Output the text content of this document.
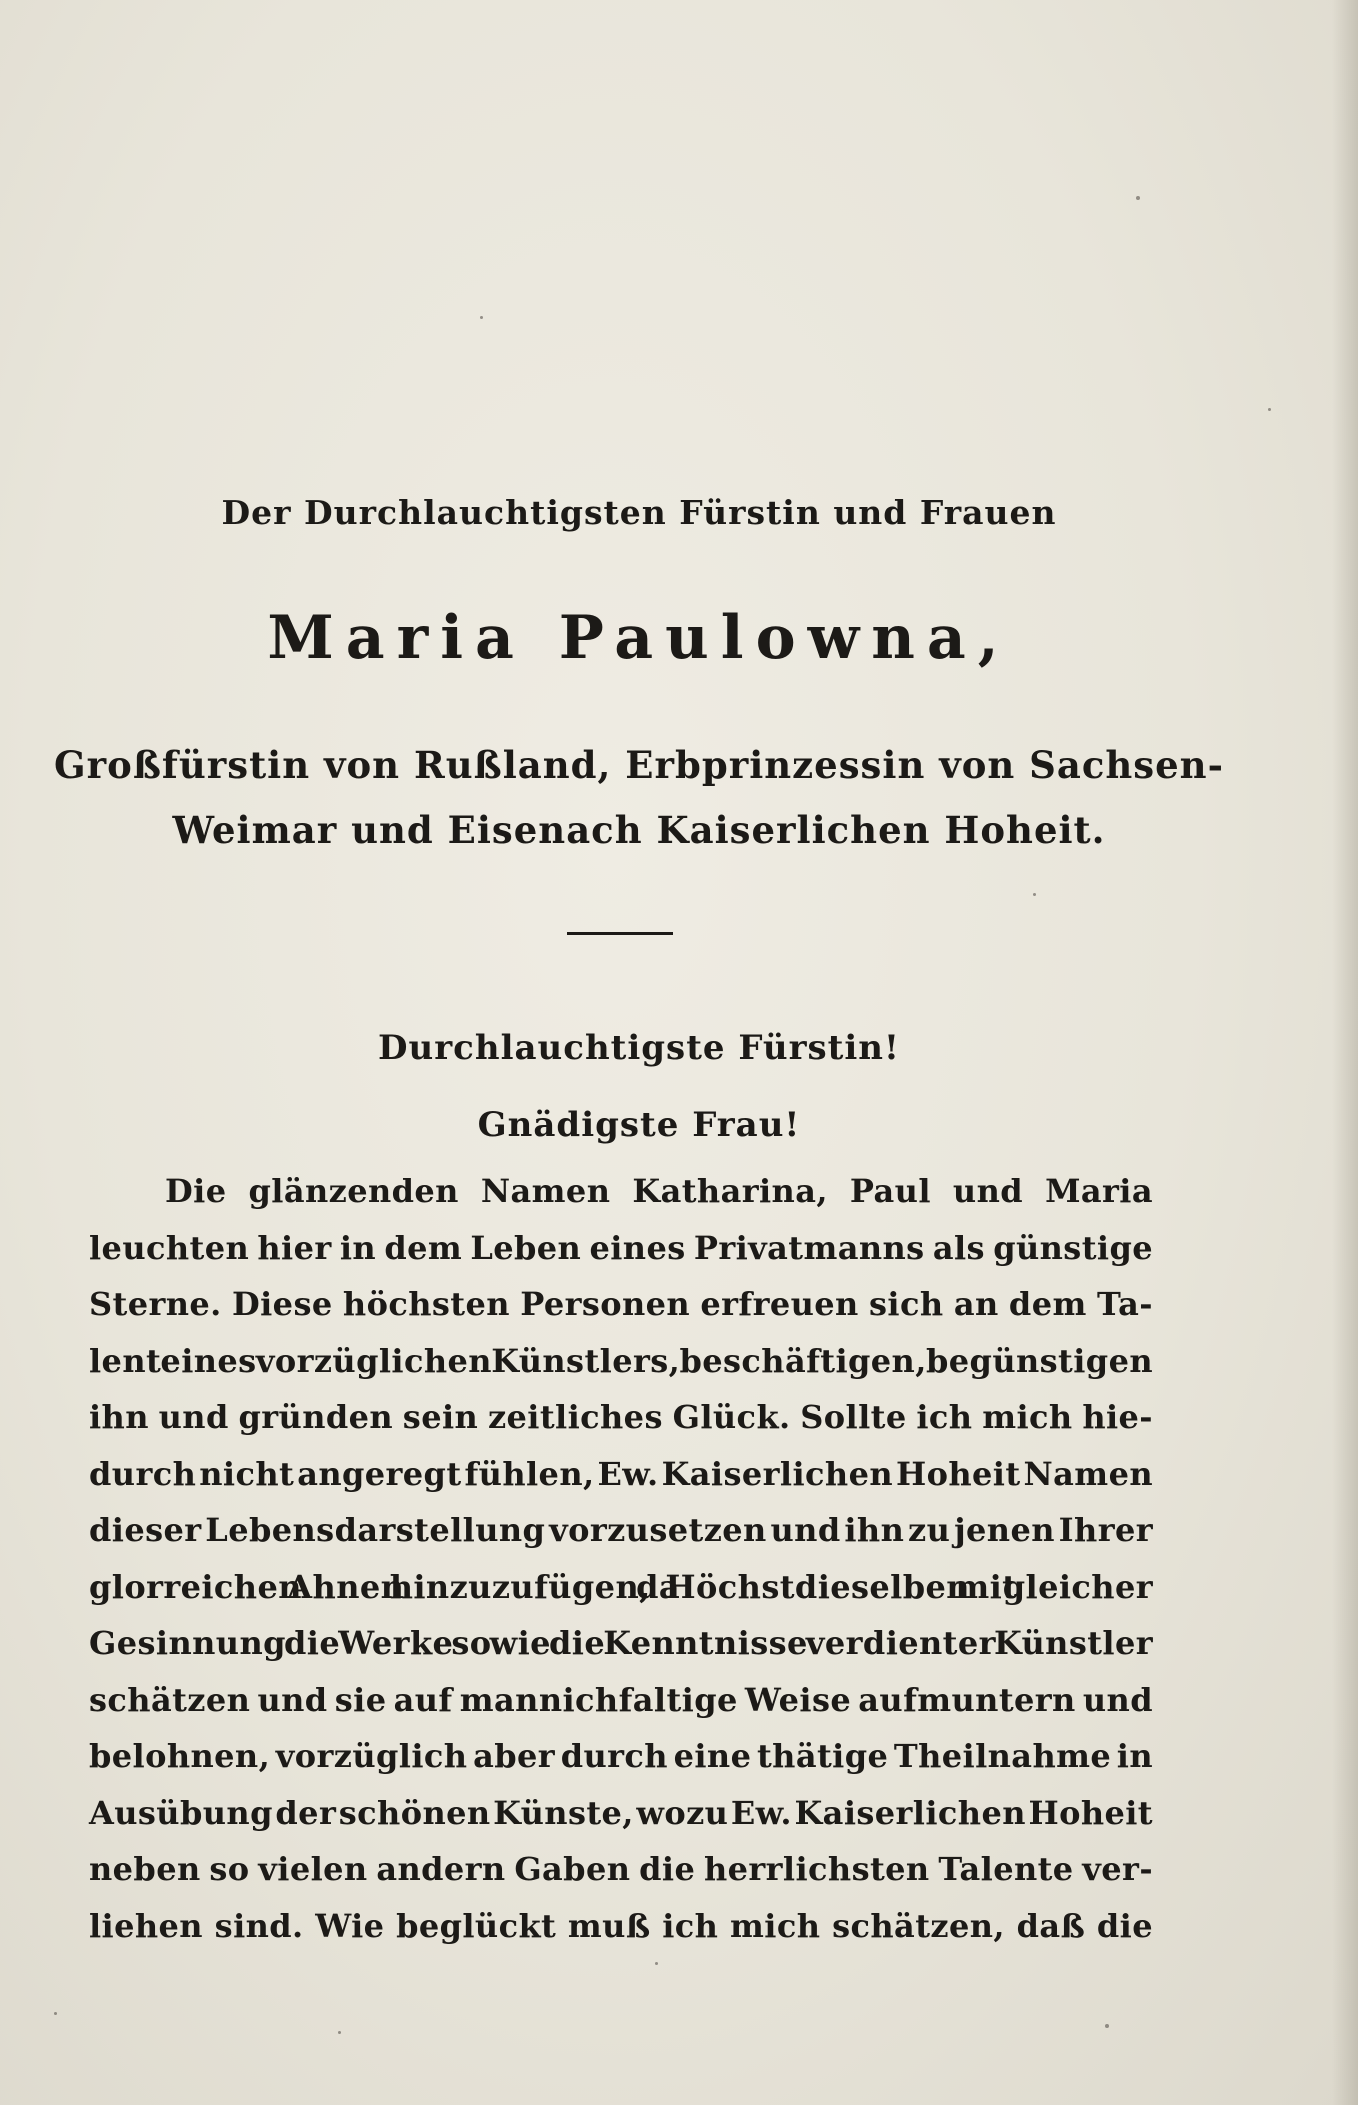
Der Durchlauchtigsten Fürstin und Frauen
Maria Paulowna,
Großfürstin von Rußland, Erbprinzessin von Sachsen-
Weimar und Eisenach Kaiserlichen Hoheit.
Durchlauchtigste Fürstin!
Gnädigste Frau!
Die glänzenden Namen Katharina, Paul und Maria
leuchten hier in dem Leben eines Privatmanns als günstige
Sterne. Diese höchsten Personen erfreuen sich an dem Ta-
lent eines vorzüglichen Künstlers, beschäftigen, begünstigen
ihn und gründen sein zeitliches Glück. Sollte ich mich hie-
durch nicht angeregt fühlen, Ew. Kaiserlichen Hoheit Namen
dieser Lebensdarstellung vorzusetzen und ihn zu jenen Ihrer
glorreichen Ahnen hinzuzufügen, da Höchstdieselben mit gleicher
Gesinnung die Werke so wie die Kenntnisse verdienter Künstler
schätzen und sie auf mannichfaltige Weise aufmuntern und
belohnen, vorzüglich aber durch eine thätige Theilnahme in
Ausübung der schönen Künste, wozu Ew. Kaiserlichen Hoheit
neben so vielen andern Gaben die herrlichsten Talente ver-
liehen sind. Wie beglückt muß ich mich schätzen, daß die
